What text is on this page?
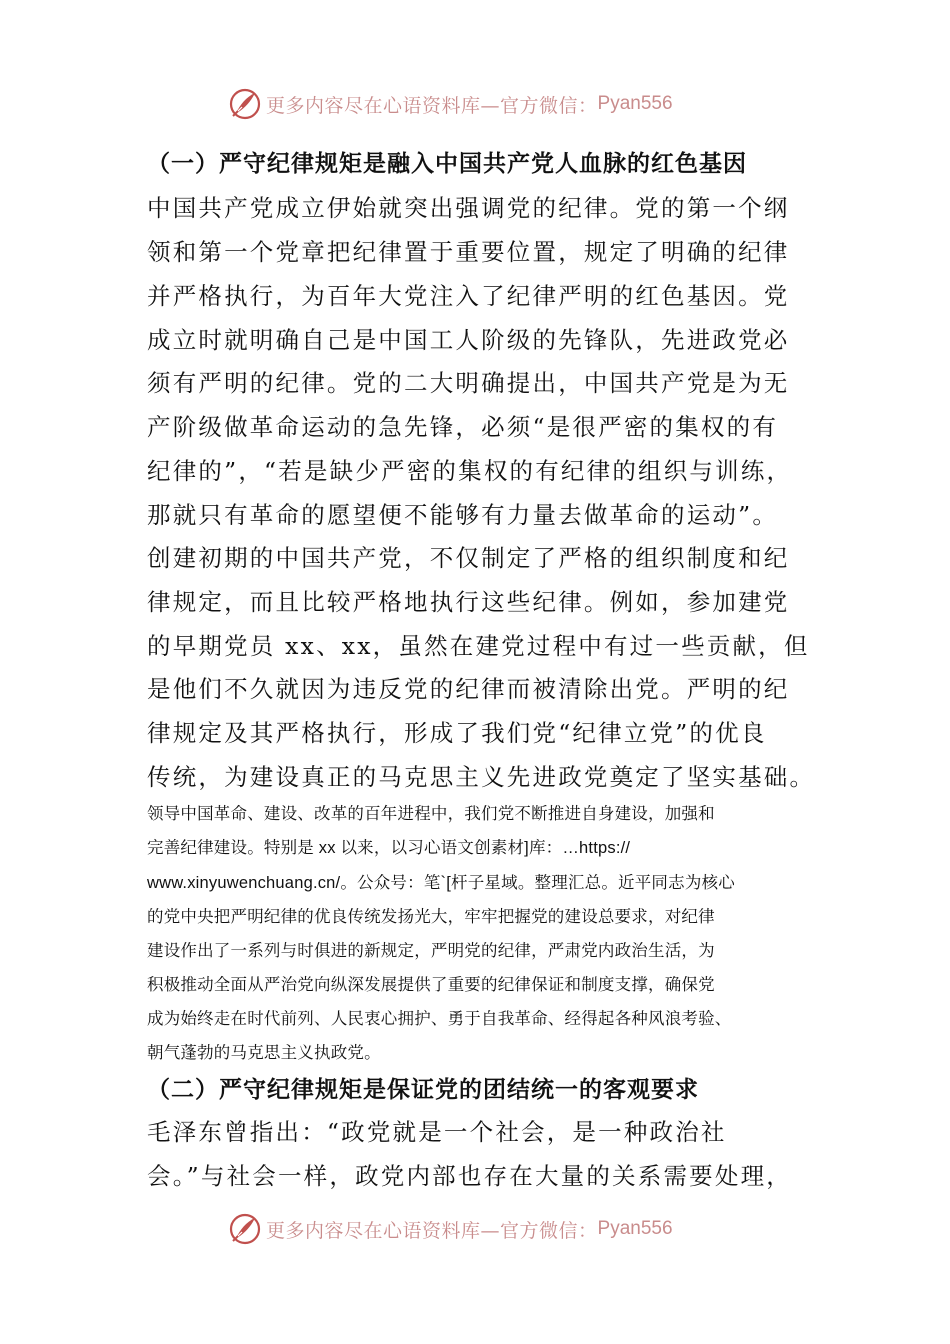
更多内容尽在心语资料库—官方微信： Pyan556
（一）严守纪律规矩是融入中国共产党人血脉的红色基因
中国共产党成立伊始就突出强调党的纪律。党的第一个纲
领和第一个党章把纪律置于重要位置，规定了明确的纪律
并严格执行，为百年大党注入了纪律严明的红色基因。党
成立时就明确自己是中国工人阶级的先锋队，先进政党必
须有严明的纪律。党的二大明确提出，中国共产党是为无
产阶级做革命运动的急先锋，必须“是很严密的集权的有
纪律的”，“若是缺少严密的集权的有纪律的组织与训练，
那就只有革命的愿望便不能够有力量去做革命的运动”。
创建初期的中国共产党，不仅制定了严格的组织制度和纪
律规定，而且比较严格地执行这些纪律。例如，参加建党
的早期党员 xx、xx，虽然在建党过程中有过一些贡献，但
是他们不久就因为违反党的纪律而被清除出党。严明的纪
律规定及其严格执行，形成了我们党“纪律立党”的优良
传统，为建设真正的马克思主义先进政党奠定了坚实基础。
领导中国革命、建设、改革的百年进程中，我们党不断推进自身建设，加强和
完善纪律建设。特别是 xx 以来，以习心语文创素材]库：…https://
www.xinyuwenchuang.cn/。公众号：笔`[杆子星域。整理汇总。近平同志为核心
的党中央把严明纪律的优良传统发扬光大，牢牢把握党的建设总要求，对纪律
建设作出了一系列与时俱进的新规定，严明党的纪律，严肃党内政治生活，为
积极推动全面从严治党向纵深发展提供了重要的纪律保证和制度支撑，确保党
成为始终走在时代前列、人民衷心拥护、勇于自我革命、经得起各种风浪考验、
朝气蓬勃的马克思主义执政党。
（二）严守纪律规矩是保证党的团结统一的客观要求
毛泽东曾指出：“政党就是一个社会，是一种政治社
会。”与社会一样，政党内部也存在大量的关系需要处理，
更多内容尽在心语资料库—官方微信： Pyan556
